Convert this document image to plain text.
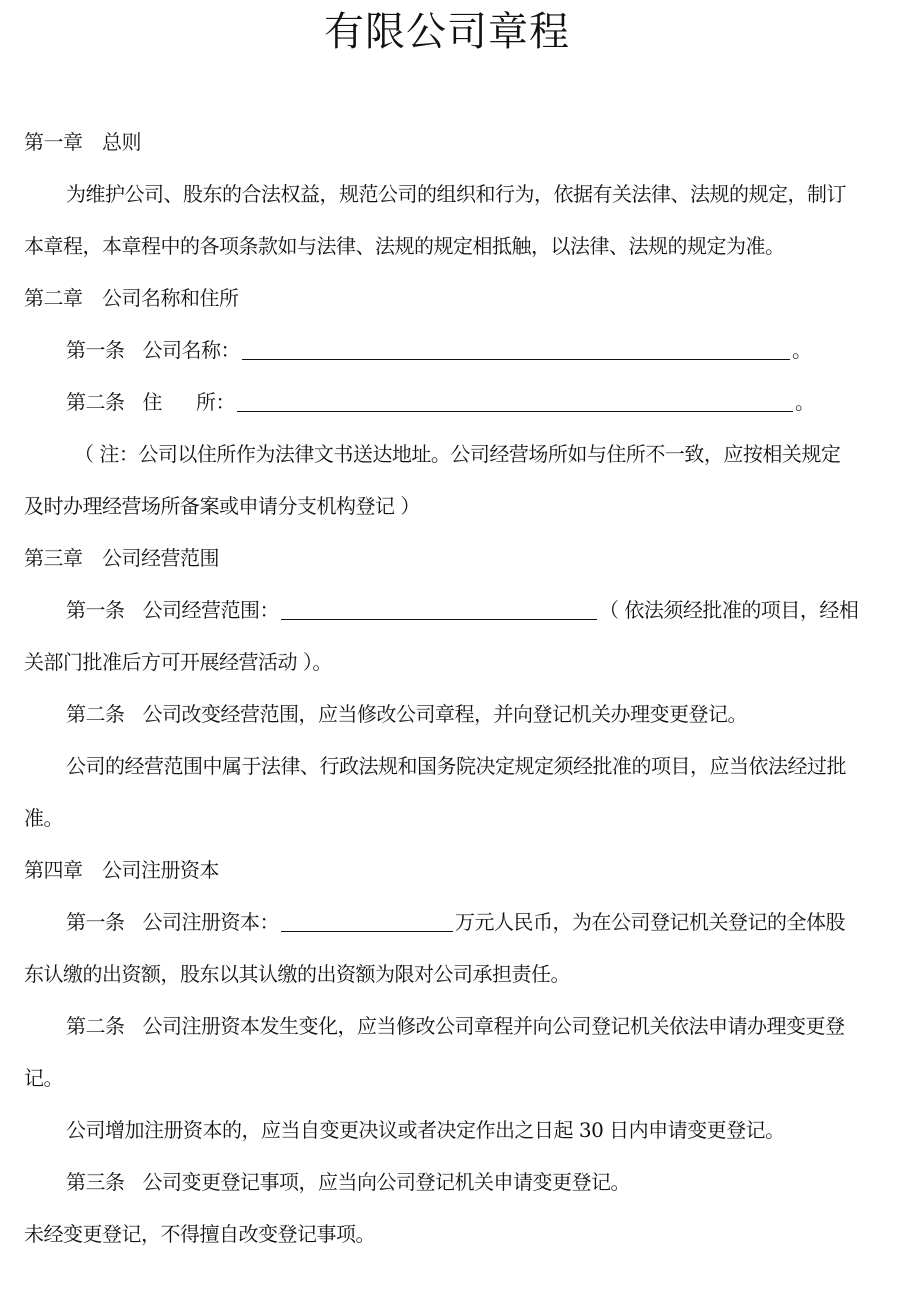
有限公司章程
第一章　总则
为维护公司、股东的合法权益，规范公司的组织和行为，依据有关法律、法规的规定，制订
本章程，本章程中的各项条款如与法律、法规的规定相抵触，以法律、法规的规定为准。
第二章　公司名称和住所
第一条 公司名称：	。
第二条 住 所：	。
（ 注：公司以住所作为法律文书送达地址。公司经营场所如与住所不一致，应按相关规定
及时办理经营场所备案或申请分支机构登记 ）
第三章　公司经营范围
第一条 公司经营范围：	（ 依法须经批准的项目，经相
关部门批准后方可开展经营活动 ）。
第二条 公司改变经营范围，应当修改公司章程，并向登记机关办理变更登记。
公司的经营范围中属于法律、行政法规和国务院决定规定须经批准的项目，应当依法经过批
准。
第四章　公司注册资本
第一条 公司注册资本：	万元人民币，为在公司登记机关登记的全体股
东认缴的出资额，股东以其认缴的出资额为限对公司承担责任。
第二条 公司注册资本发生变化，应当修改公司章程并向公司登记机关依法申请办理变更登
记。
公司增加注册资本的，应当自变更决议或者决定作出之日起 30 日内申请变更登记。
第三条 公司变更登记事项，应当向公司登记机关申请变更登记。
未经变更登记，不得擅自改变登记事项。
